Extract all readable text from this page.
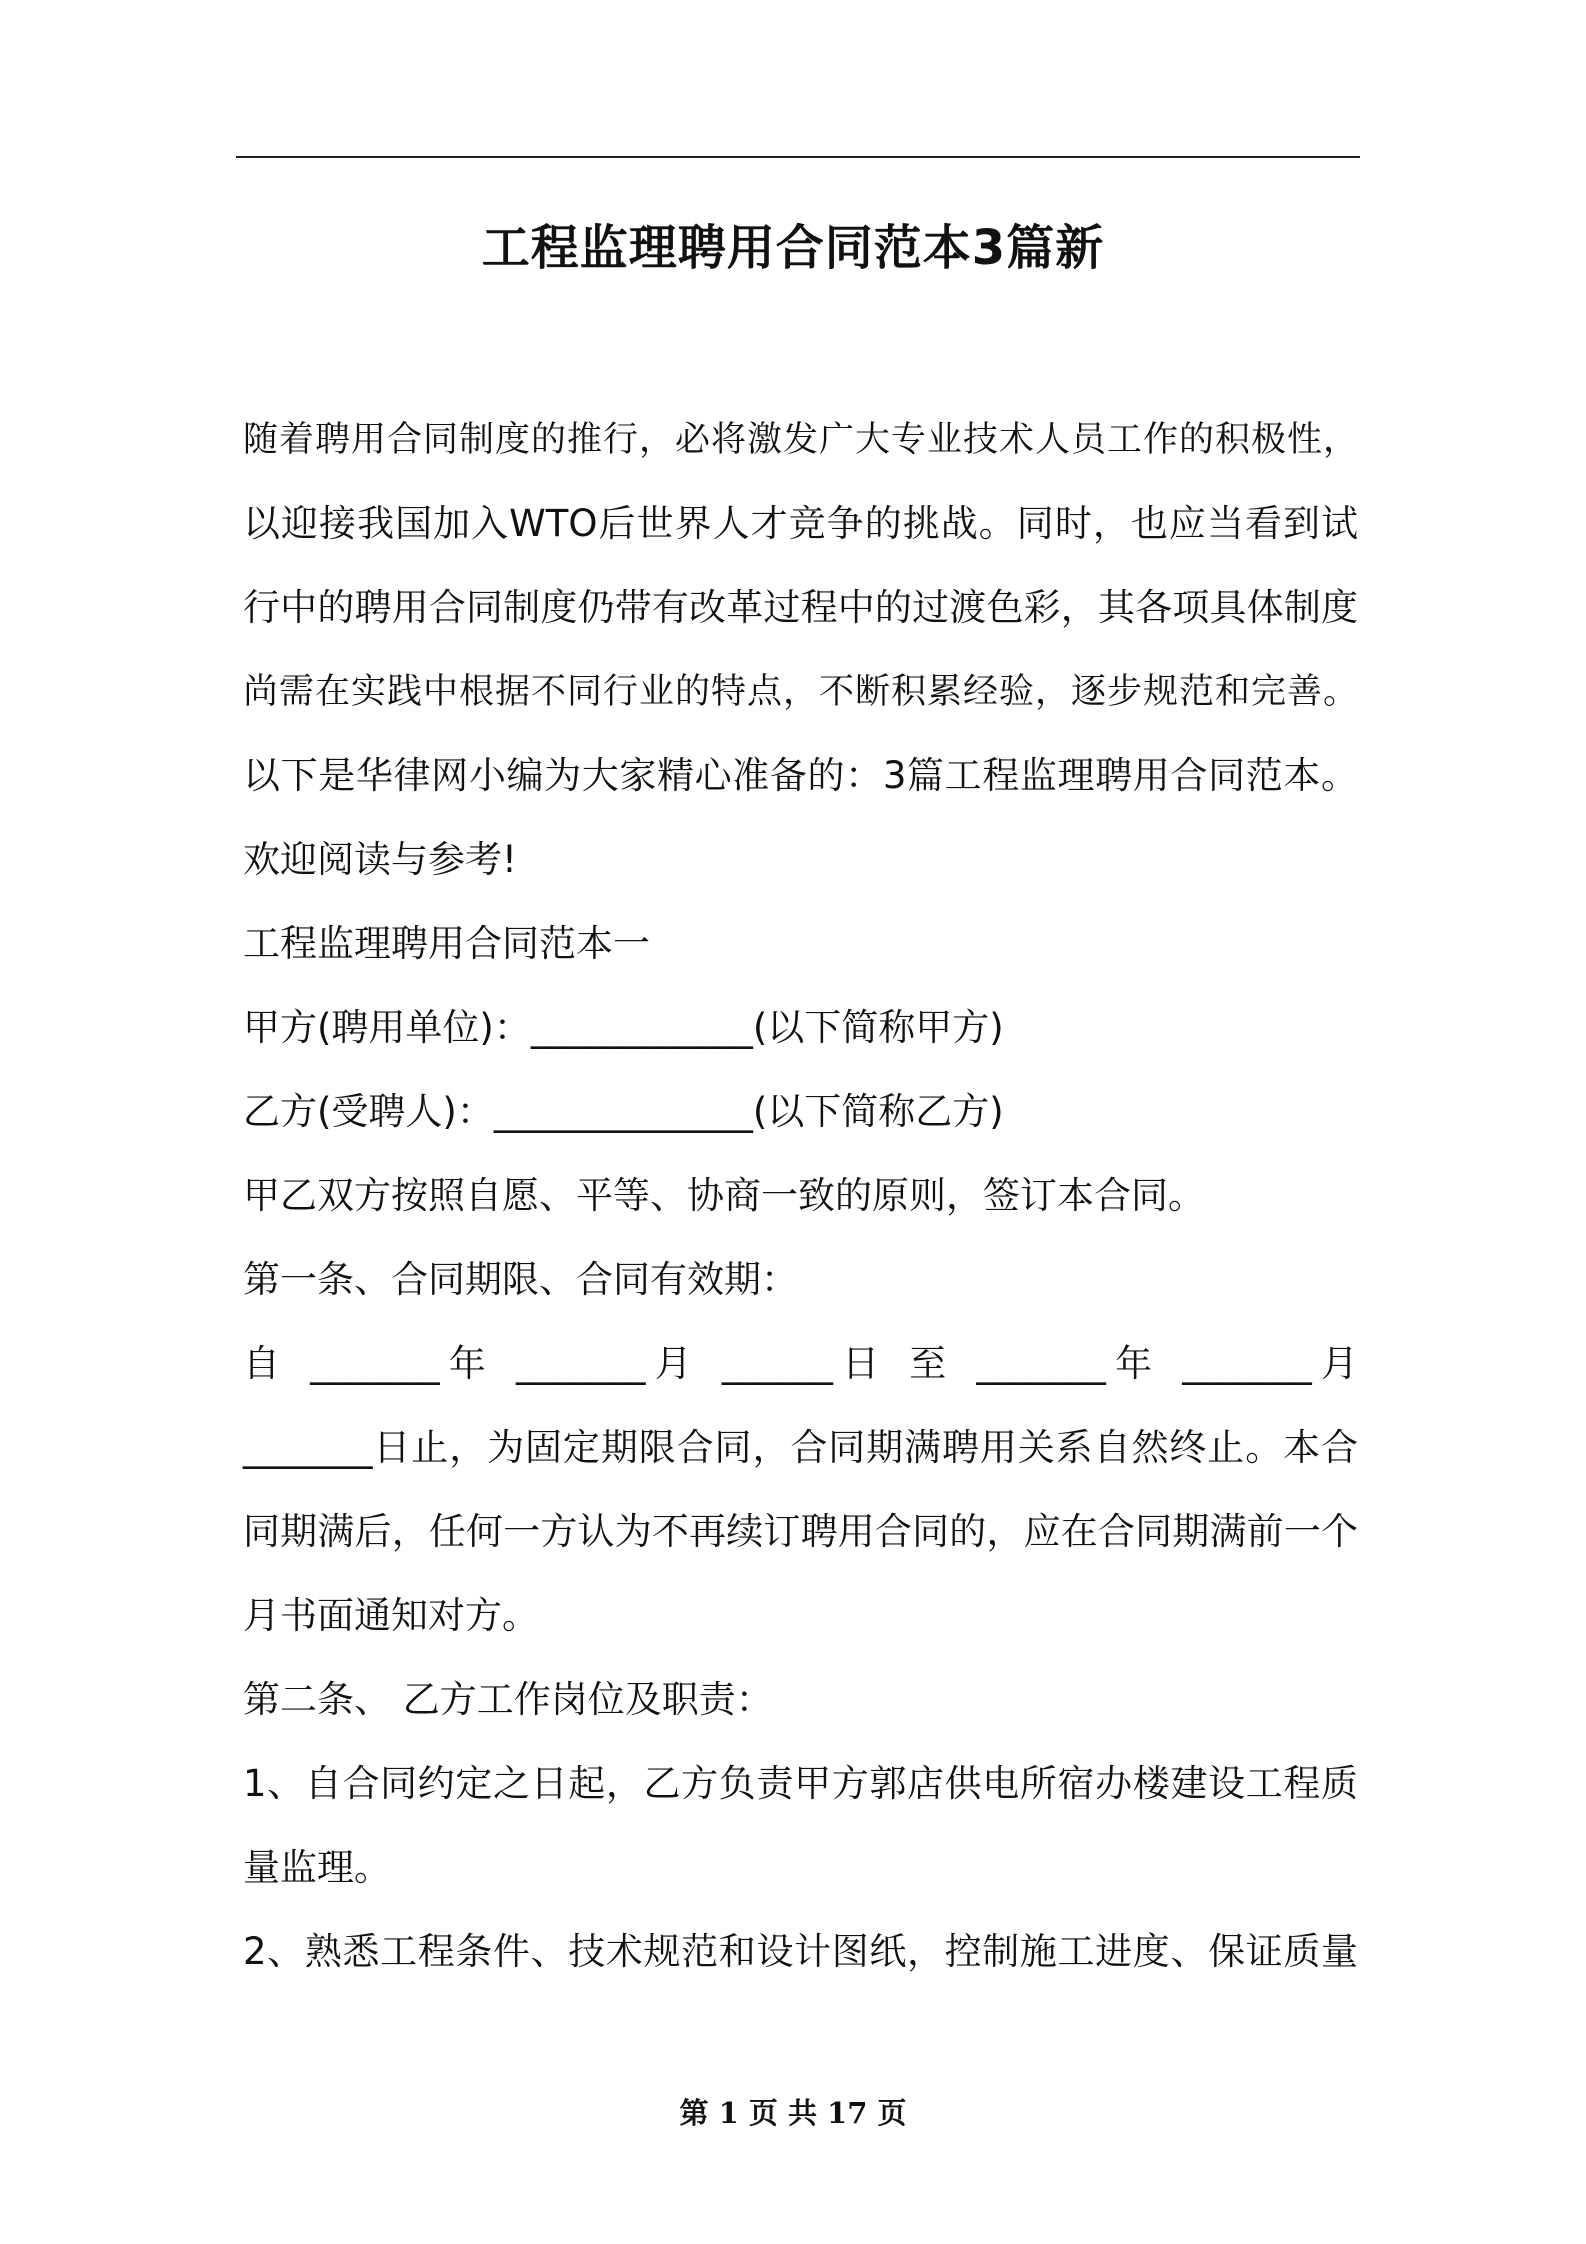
工程监理聘用合同范本3篇新
随着聘用合同制度的推行，必将激发广大专业技术人员工作的积极性，
以迎接我国加入WTO后世界人才竞争的挑战。同时，也应当看到试
行中的聘用合同制度仍带有改革过程中的过渡色彩，其各项具体制度
尚需在实践中根据不同行业的特点，不断积累经验，逐步规范和完善。
以下是华律网小编为大家精心准备的：3篇工程监理聘用合同范本。
欢迎阅读与参考!
工程监理聘用合同范本一
甲方(聘用单位)：____________(以下简称甲方)
乙方(受聘人)：______________(以下简称乙方)
甲乙双方按照自愿、平等、协商一致的原则，签订本合同。
第一条、合同期限、合同有效期：
自 _______年 _______月 ______日 至 _______年 _______月
_______日止，为固定期限合同，合同期满聘用关系自然终止。本合
同期满后，任何一方认为不再续订聘用合同的，应在合同期满前一个
月书面通知对方。
第二条、 乙方工作岗位及职责：
1、自合同约定之日起，乙方负责甲方郭店供电所宿办楼建设工程质
量监理。
2、熟悉工程条件、技术规范和设计图纸，控制施工进度、保证质量
第 1 页 共 17 页
